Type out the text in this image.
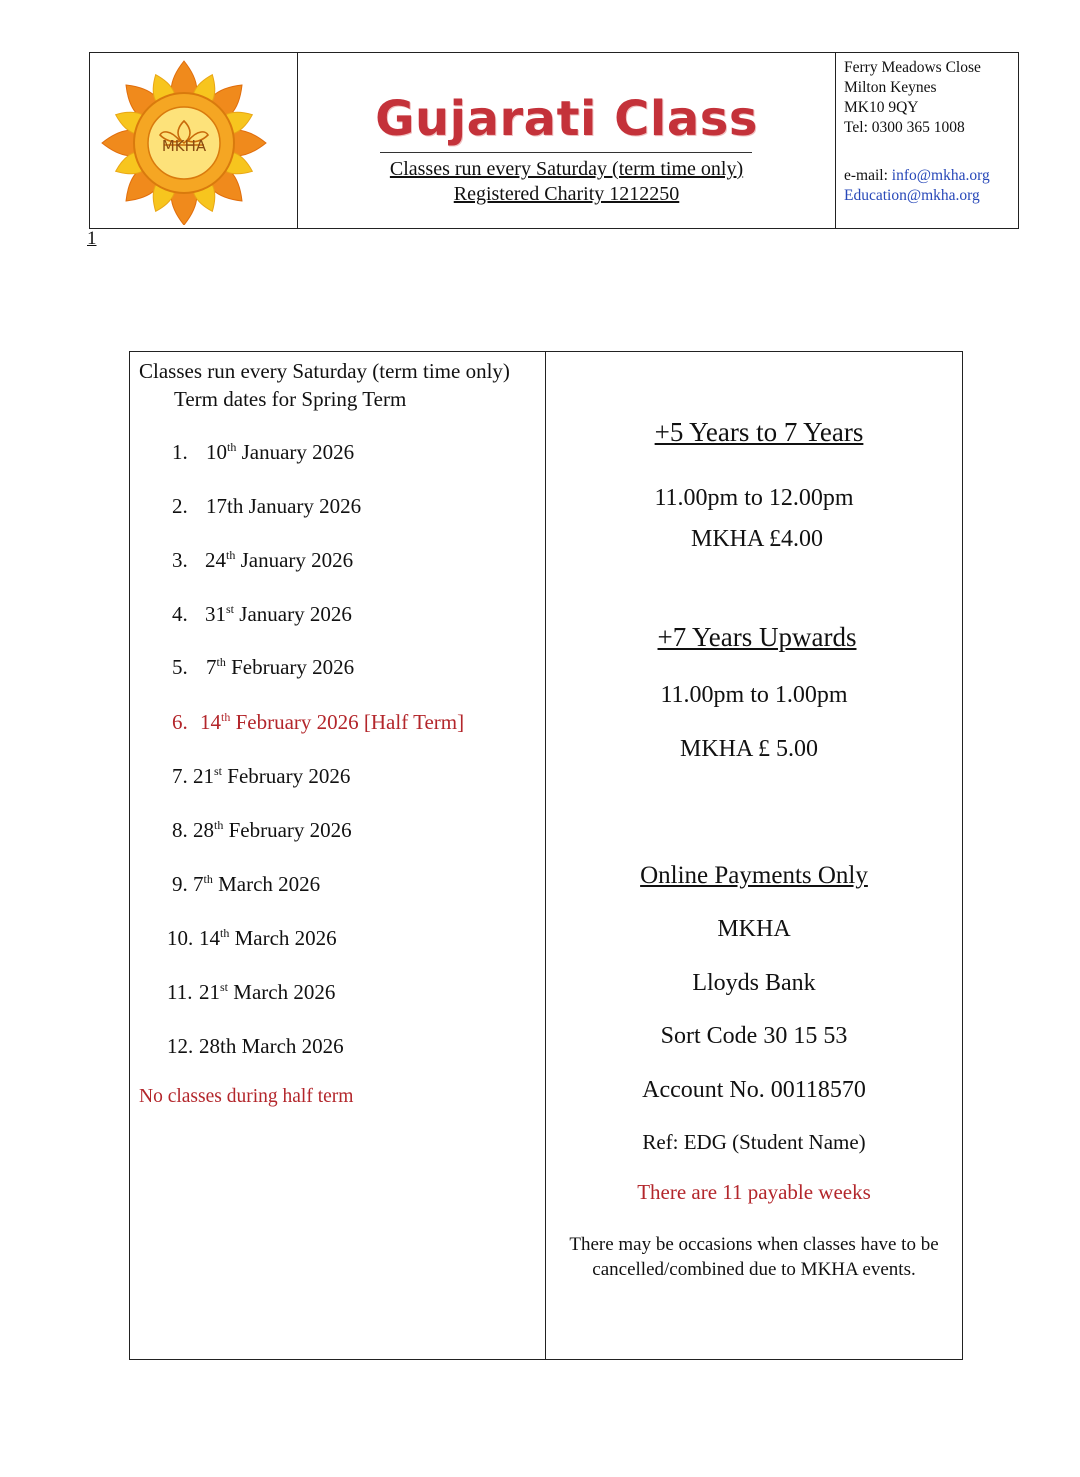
MKHA	Gujarati Class
Classes run every Saturday (term time only)
Registered Charity 1212250
Ferry Meadows Close
Milton Keynes
MK10 9QY
Tel: 0300 365 1008
e-mail: info@mkha.org
Education@mkha.org
1
Classes run every Saturday (term time only)
Term dates for Spring Term
1. 10th January 2026
2. 17th January 2026
3. 24th January 2026
4. 31st January 2026
5. 7th February 2026
6. 14th February 2026 [Half Term]
7. 21st February 2026
8. 28th February 2026
9. 7th March 2026
10. 14th March 2026
11. 21st March 2026
12. 28th March 2026
No classes during half term
+5 Years to 7 Years
11.00pm to 12.00pm
MKHA £4.00
+7 Years Upwards
11.00pm to 1.00pm
MKHA £ 5.00
Online Payments Only
MKHA
Lloyds Bank
Sort Code 30 15 53
Account No. 00118570
Ref: EDG (Student Name)
There are 11 payable weeks
There may be occasions when classes have to be
cancelled/combined due to MKHA events.
